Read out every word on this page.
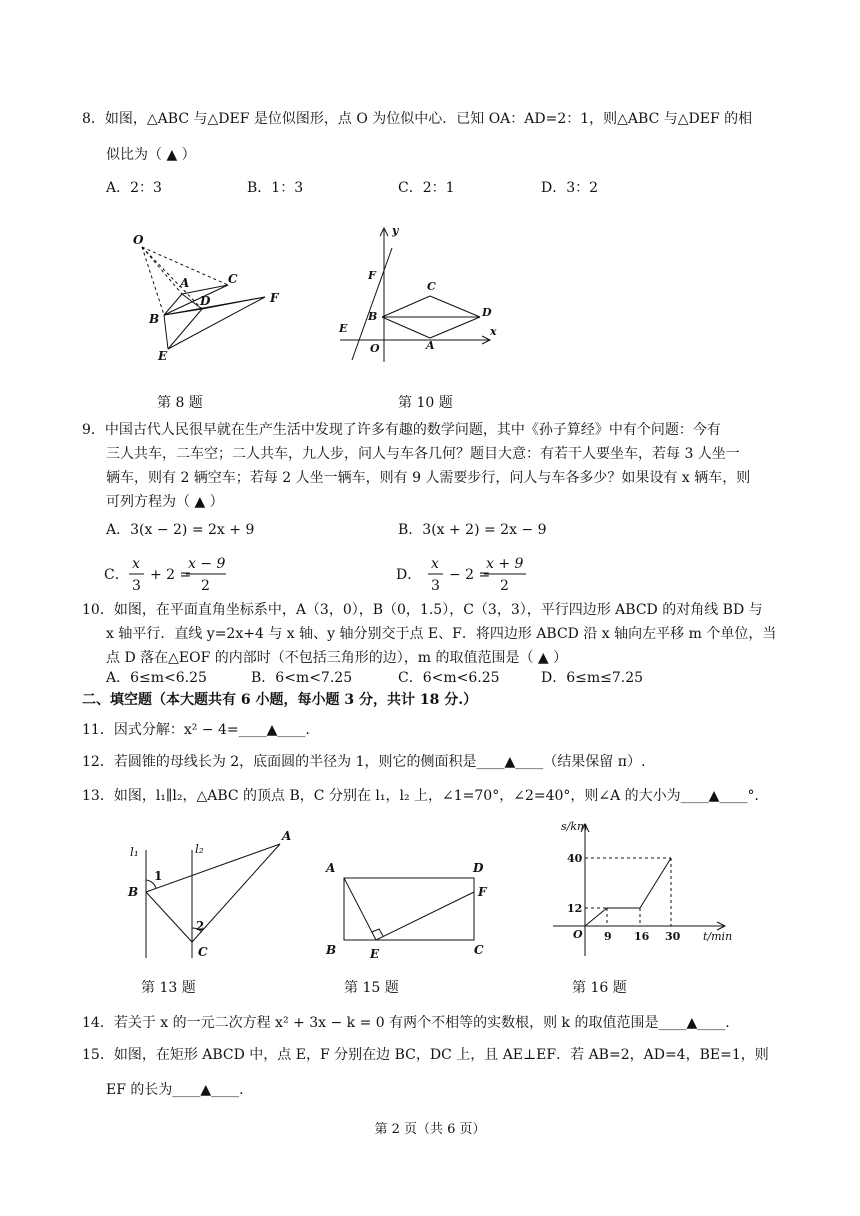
8．如图，△ABC 与△DEF 是位似图形，点 O 为位似中心．已知 OA：AD=2：1，则△ABC 与△DEF 的相
似比为（ ▲ ）
A．2：3	B．1：3	C．2：1	D．3：2
O
A	C
D
B
F
E
第 8 题
y
x
O
E
F
B
C
D
A
第 10 题
9．中国古代人民很早就在生产生活中发现了许多有趣的数学问题，其中《孙子算经》中有个问题：今有
三人共车，二车空；二人共车，九人步，问人与车各几何？题目大意：有若干人要坐车，若每 3 人坐一
辆车，则有 2 辆空车；若每 2 人坐一辆车，则有 9 人需要步行，问人与车各多少？如果设有 x 辆车，则
可列方程为（ ▲ ）
A．3(x − 2) = 2x + 9	B．3(x + 2) = 2x − 9
C．
x
3
+ 2 =
x − 9
2
D．
x
3
− 2 =
x + 9
2
10．如图，在平面直角坐标系中，A（3，0），B（0，1.5），C（3，3），平行四边形 ABCD 的对角线 BD 与
x 轴平行．直线 y=2x+4 与 x 轴、y 轴分别交于点 E、F．将四边形 ABCD 沿 x 轴向左平移 m 个单位，当
点 D 落在△EOF 的内部时（不包括三角形的边），m 的取值范围是（ ▲ ）
A．6≤m<6.25	B．6<m<7.25	C．6<m<6.25	D．6≤m≤7.25
二、填空题（本大题共有 6 小题，每小题 3 分，共计 18 分.）
11．因式分解：x² − 4=____▲____.
12．若圆锥的母线长为 2，底面圆的半径为 1，则它的侧面积是____▲____（结果保留 π）.
13．如图，l₁∥l₂，△ABC 的顶点 B，C 分别在 l₁，l₂ 上，∠1=70°，∠2=40°，则∠A 的大小为____▲____°．
l₁	l₂
A
B
C
1
2
第 13 题
A	D
F
B	E	C
第 15 题
s/km
t/min
O
40
12
9 16 30
第 16 题
14．若关于 x 的一元二次方程 x² + 3x − k = 0 有两个不相等的实数根，则 k 的取值范围是____▲____.
15．如图，在矩形 ABCD 中，点 E，F 分别在边 BC，DC 上，且 AE⊥EF．若 AB=2，AD=4，BE=1，则
EF 的长为____▲____.
第 2 页（共 6 页）
